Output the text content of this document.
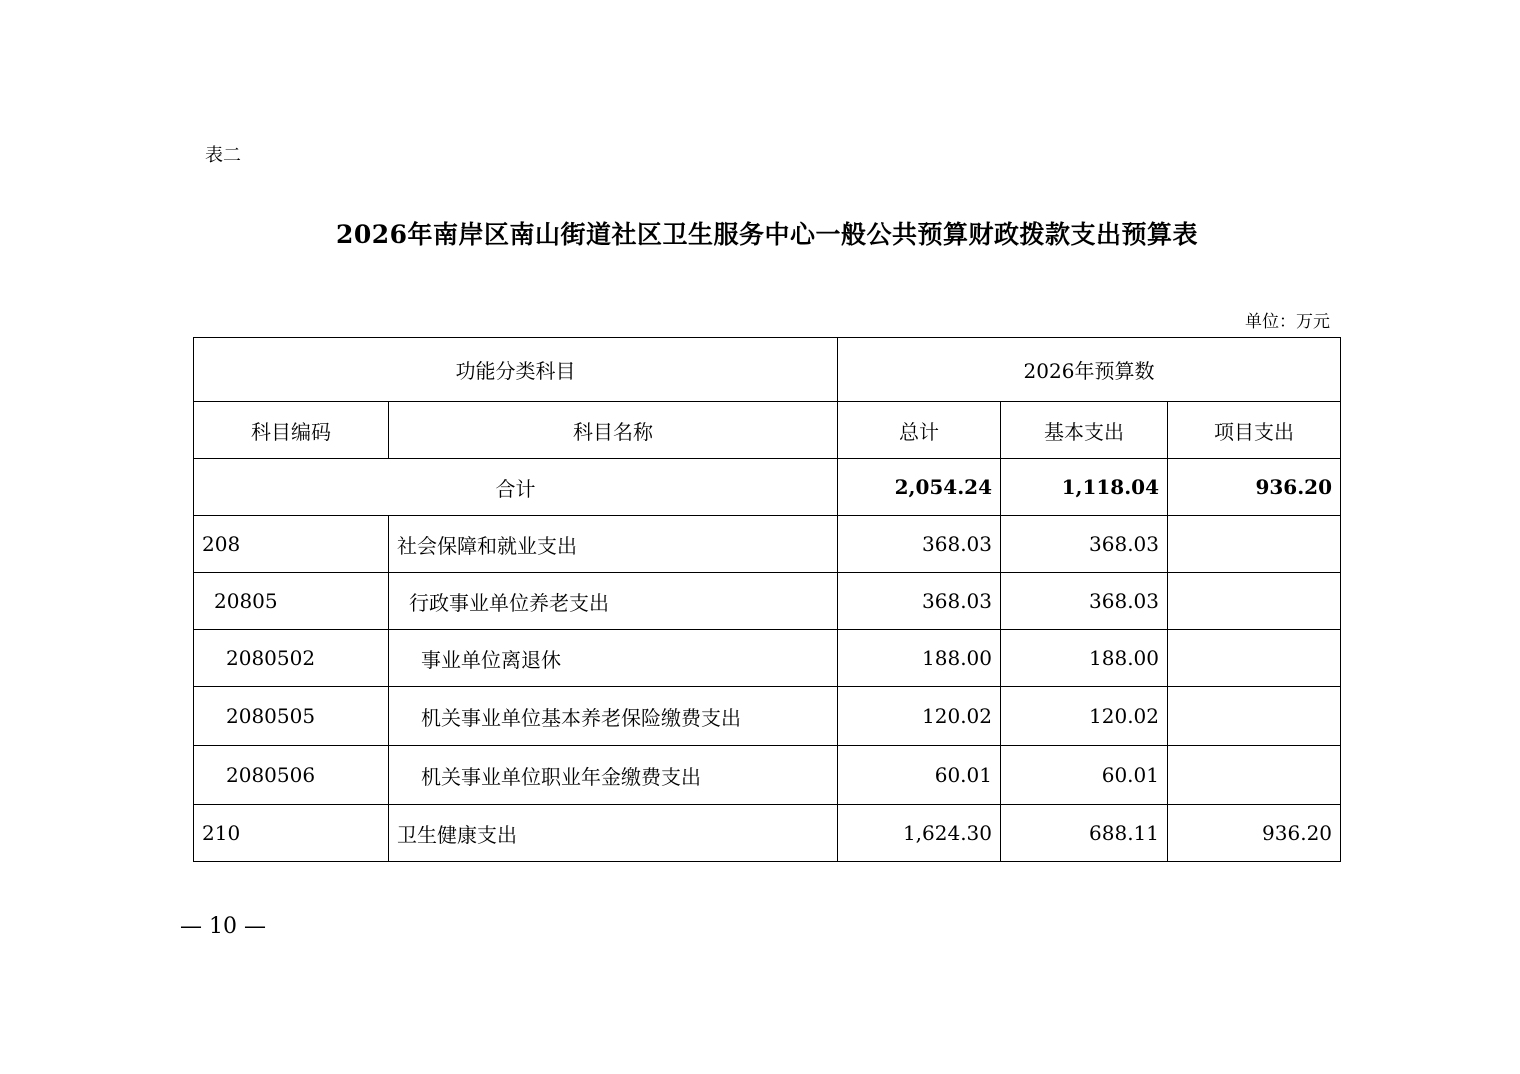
表二
2026年南岸区南山街道社区卫生服务中心一般公共预算财政拨款支出预算表
单位：万元
功能分类科目		2026年预算数		
科目编码	科目名称	总计	基本支出	项目支出
合计		2,054.24	1,118.04	936.20
208	社会保障和就业支出	368.03	368.03	
20805	行政事业单位养老支出	368.03	368.03	
2080502	事业单位离退休	188.00	188.00	
2080505	机关事业单位基本养老保险缴费支出	120.02	120.02	
2080506	机关事业单位职业年金缴费支出	60.01	60.01	
210	卫生健康支出	1,624.30	688.11	936.20
— 10 —
